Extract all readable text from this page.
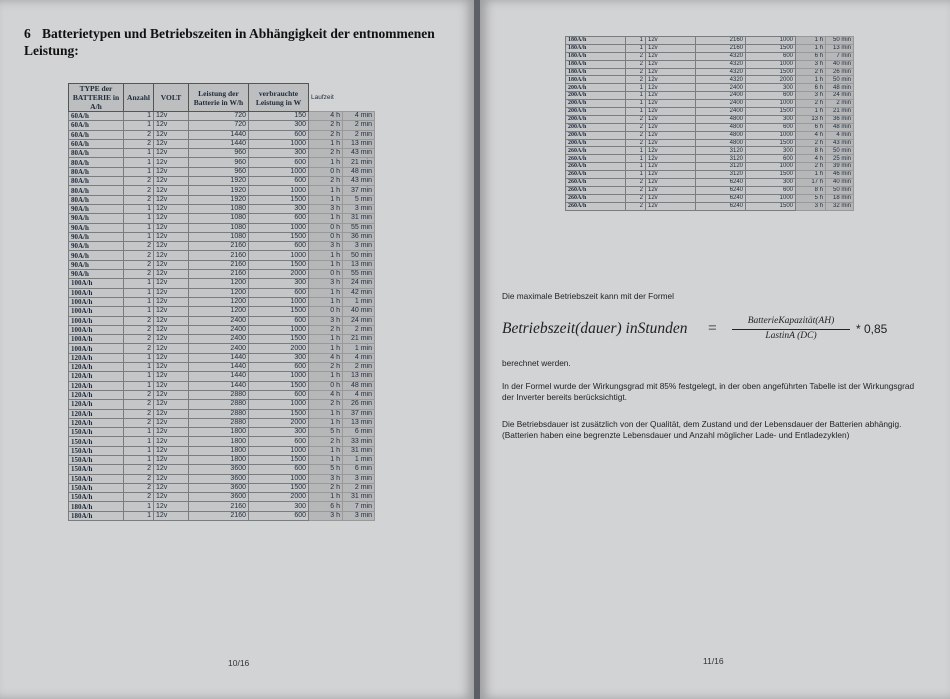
6 Batterietypen und Betriebszeiten in Abhängigkeit der entnommenen Leistung:
10/16	11/16
TYPE der BATTERIE in A/h	Anzahl	VOLT	Leistung der Batterie in W/h	verbrauchte Leistung in W	Laufzeit	
60A/h	1	12v	720	150	4 h	4 min
60A/h	1	12v	720	300	2 h	2 min
60A/h	2	12v	1440	600	2 h	2 min
60A/h	2	12v	1440	1000	1 h	13 min
80A/h	1	12v	960	300	2 h	43 min
80A/h	1	12v	960	600	1 h	21 min
80A/h	1	12v	960	1000	0 h	48 min
80A/h	2	12v	1920	600	2 h	43 min
80A/h	2	12v	1920	1000	1 h	37 min
80A/h	2	12v	1920	1500	1 h	5 min
90A/h	1	12v	1080	300	3 h	3 min
90A/h	1	12v	1080	600	1 h	31 min
90A/h	1	12v	1080	1000	0 h	55 min
90A/h	1	12v	1080	1500	0 h	36 min
90A/h	2	12v	2160	600	3 h	3 min
90A/h	2	12v	2160	1000	1 h	50 min
90A/h	2	12v	2160	1500	1 h	13 min
90A/h	2	12v	2160	2000	0 h	55 min
100A/h	1	12v	1200	300	3 h	24 min
100A/h	1	12v	1200	600	1 h	42 min
100A/h	1	12v	1200	1000	1 h	1 min
100A/h	1	12v	1200	1500	0 h	40 min
100A/h	2	12v	2400	600	3 h	24 min
100A/h	2	12v	2400	1000	2 h	2 min
100A/h	2	12v	2400	1500	1 h	21 min
100A/h	2	12v	2400	2000	1 h	1 min
120A/h	1	12v	1440	300	4 h	4 min
120A/h	1	12v	1440	600	2 h	2 min
120A/h	1	12v	1440	1000	1 h	13 min
120A/h	1	12v	1440	1500	0 h	48 min
120A/h	2	12v	2880	600	4 h	4 min
120A/h	2	12v	2880	1000	2 h	26 min
120A/h	2	12v	2880	1500	1 h	37 min
120A/h	2	12v	2880	2000	1 h	13 min
150A/h	1	12v	1800	300	5 h	6 min
150A/h	1	12v	1800	600	2 h	33 min
150A/h	1	12v	1800	1000	1 h	31 min
150A/h	1	12v	1800	1500	1 h	1 min
150A/h	2	12v	3600	600	5 h	6 min
150A/h	2	12v	3600	1000	3 h	3 min
150A/h	2	12v	3600	1500	2 h	2 min
150A/h	2	12v	3600	2000	1 h	31 min
180A/h	1	12v	2160	300	6 h	7 min
180A/h	1	12v	2160	600	3 h	3 min
180A/h	1	12v	2160	1000	1 h	50 min
180A/h	1	12v	2160	1500	1 h	13 min
180A/h	2	12v	4320	600	6 h	7 min
180A/h	2	12v	4320	1000	3 h	40 min
180A/h	2	12v	4320	1500	2 h	26 min
180A/h	2	12v	4320	2000	1 h	50 min
200A/h	1	12v	2400	300	6 h	48 min
200A/h	1	12v	2400	600	3 h	24 min
200A/h	1	12v	2400	1000	2 h	2 min
200A/h	1	12v	2400	1500	1 h	21 min
200A/h	2	12v	4800	300	13 h	36 min
200A/h	2	12v	4800	600	6 h	48 min
200A/h	2	12v	4800	1000	4 h	4 min
200A/h	2	12v	4800	1500	2 h	43 min
260A/h	1	12v	3120	300	8 h	50 min
260A/h	1	12v	3120	600	4 h	25 min
260A/h	1	12v	3120	1000	2 h	39 min
260A/h	1	12v	3120	1500	1 h	46 min
260A/h	2	12v	6240	300	17 h	40 min
260A/h	2	12v	6240	600	8 h	50 min
260A/h	2	12v	6240	1000	5 h	18 min
260A/h	2	12v	6240	1500	3 h	32 min
Die maximale Betriebszeit kann mit der Formel
Betriebszeit(dauer) inStunden =	BatterieKapazität(AH)
LastinA (DC)	* 0,85
berechnet werden.
In der Formel wurde der Wirkungsgrad mit 85% festgelegt, in der oben angeführten Tabelle ist der Wirkungsgrad der Inverter bereits berücksichtigt.
Die Betriebsdauer ist zusätzlich von der Qualität, dem Zustand und der Lebensdauer der Batterien abhängig. (Batterien haben eine begrenzte Lebensdauer und Anzahl möglicher Lade- und Entladezyklen)
